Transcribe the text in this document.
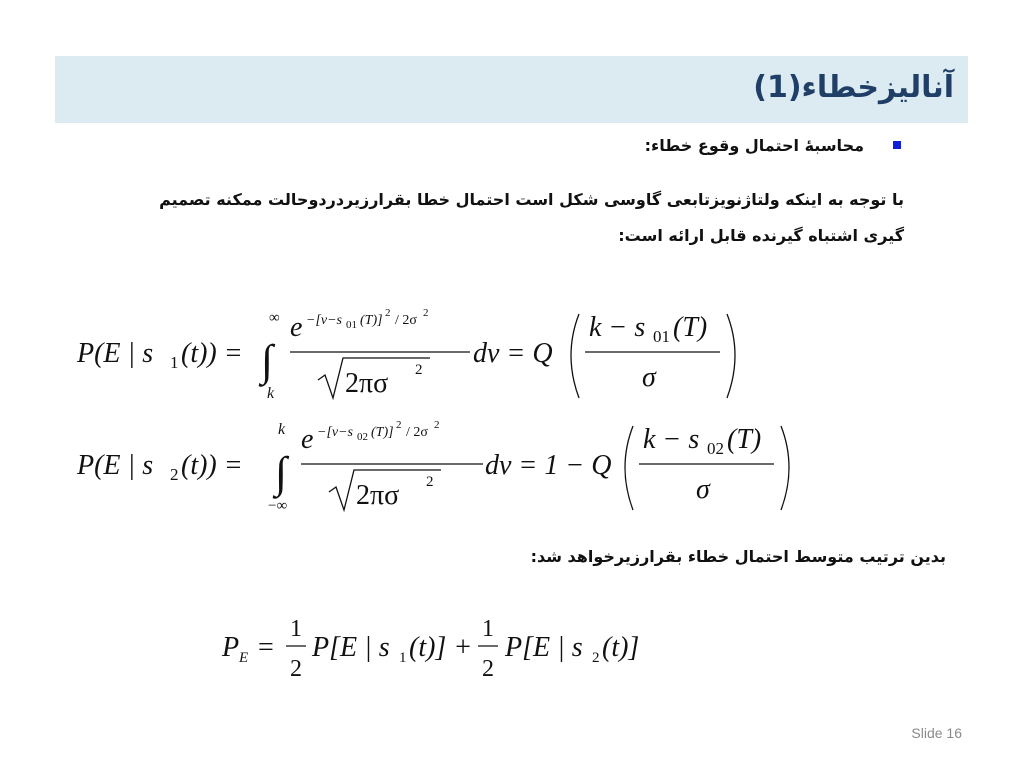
آنالیزخطاء(1)
محاسبهٔ احتمال وقوع خطاء:
با توجه به اینکه ولتاژنویزتابعی گاوسی شکل است احتمال خطا بقرارزیردردوحالت ممکنه تصمیم گیری اشتباه گیرنده قابل ارائه است:
P(E | s 1 (t)) =
∞
∫
k
e −[v−s 01 (T)] 2 / 2σ 2
2πσ 2
dv = Q
k − s 01 (T)
σ
P(E | s 2 (t)) =
k
∫
−∞
e −[v−s 02 (T)] 2 / 2σ 2
2πσ 2
dv = 1 − Q
k − s 02 (T)
σ
بدین ترتیب متوسط احتمال خطاء بقرارزیرخواهد شد:
P E =
1
2
P[E | s 1 (t)] +
1
2
P[E | s 2 (t)]
Slide 16
